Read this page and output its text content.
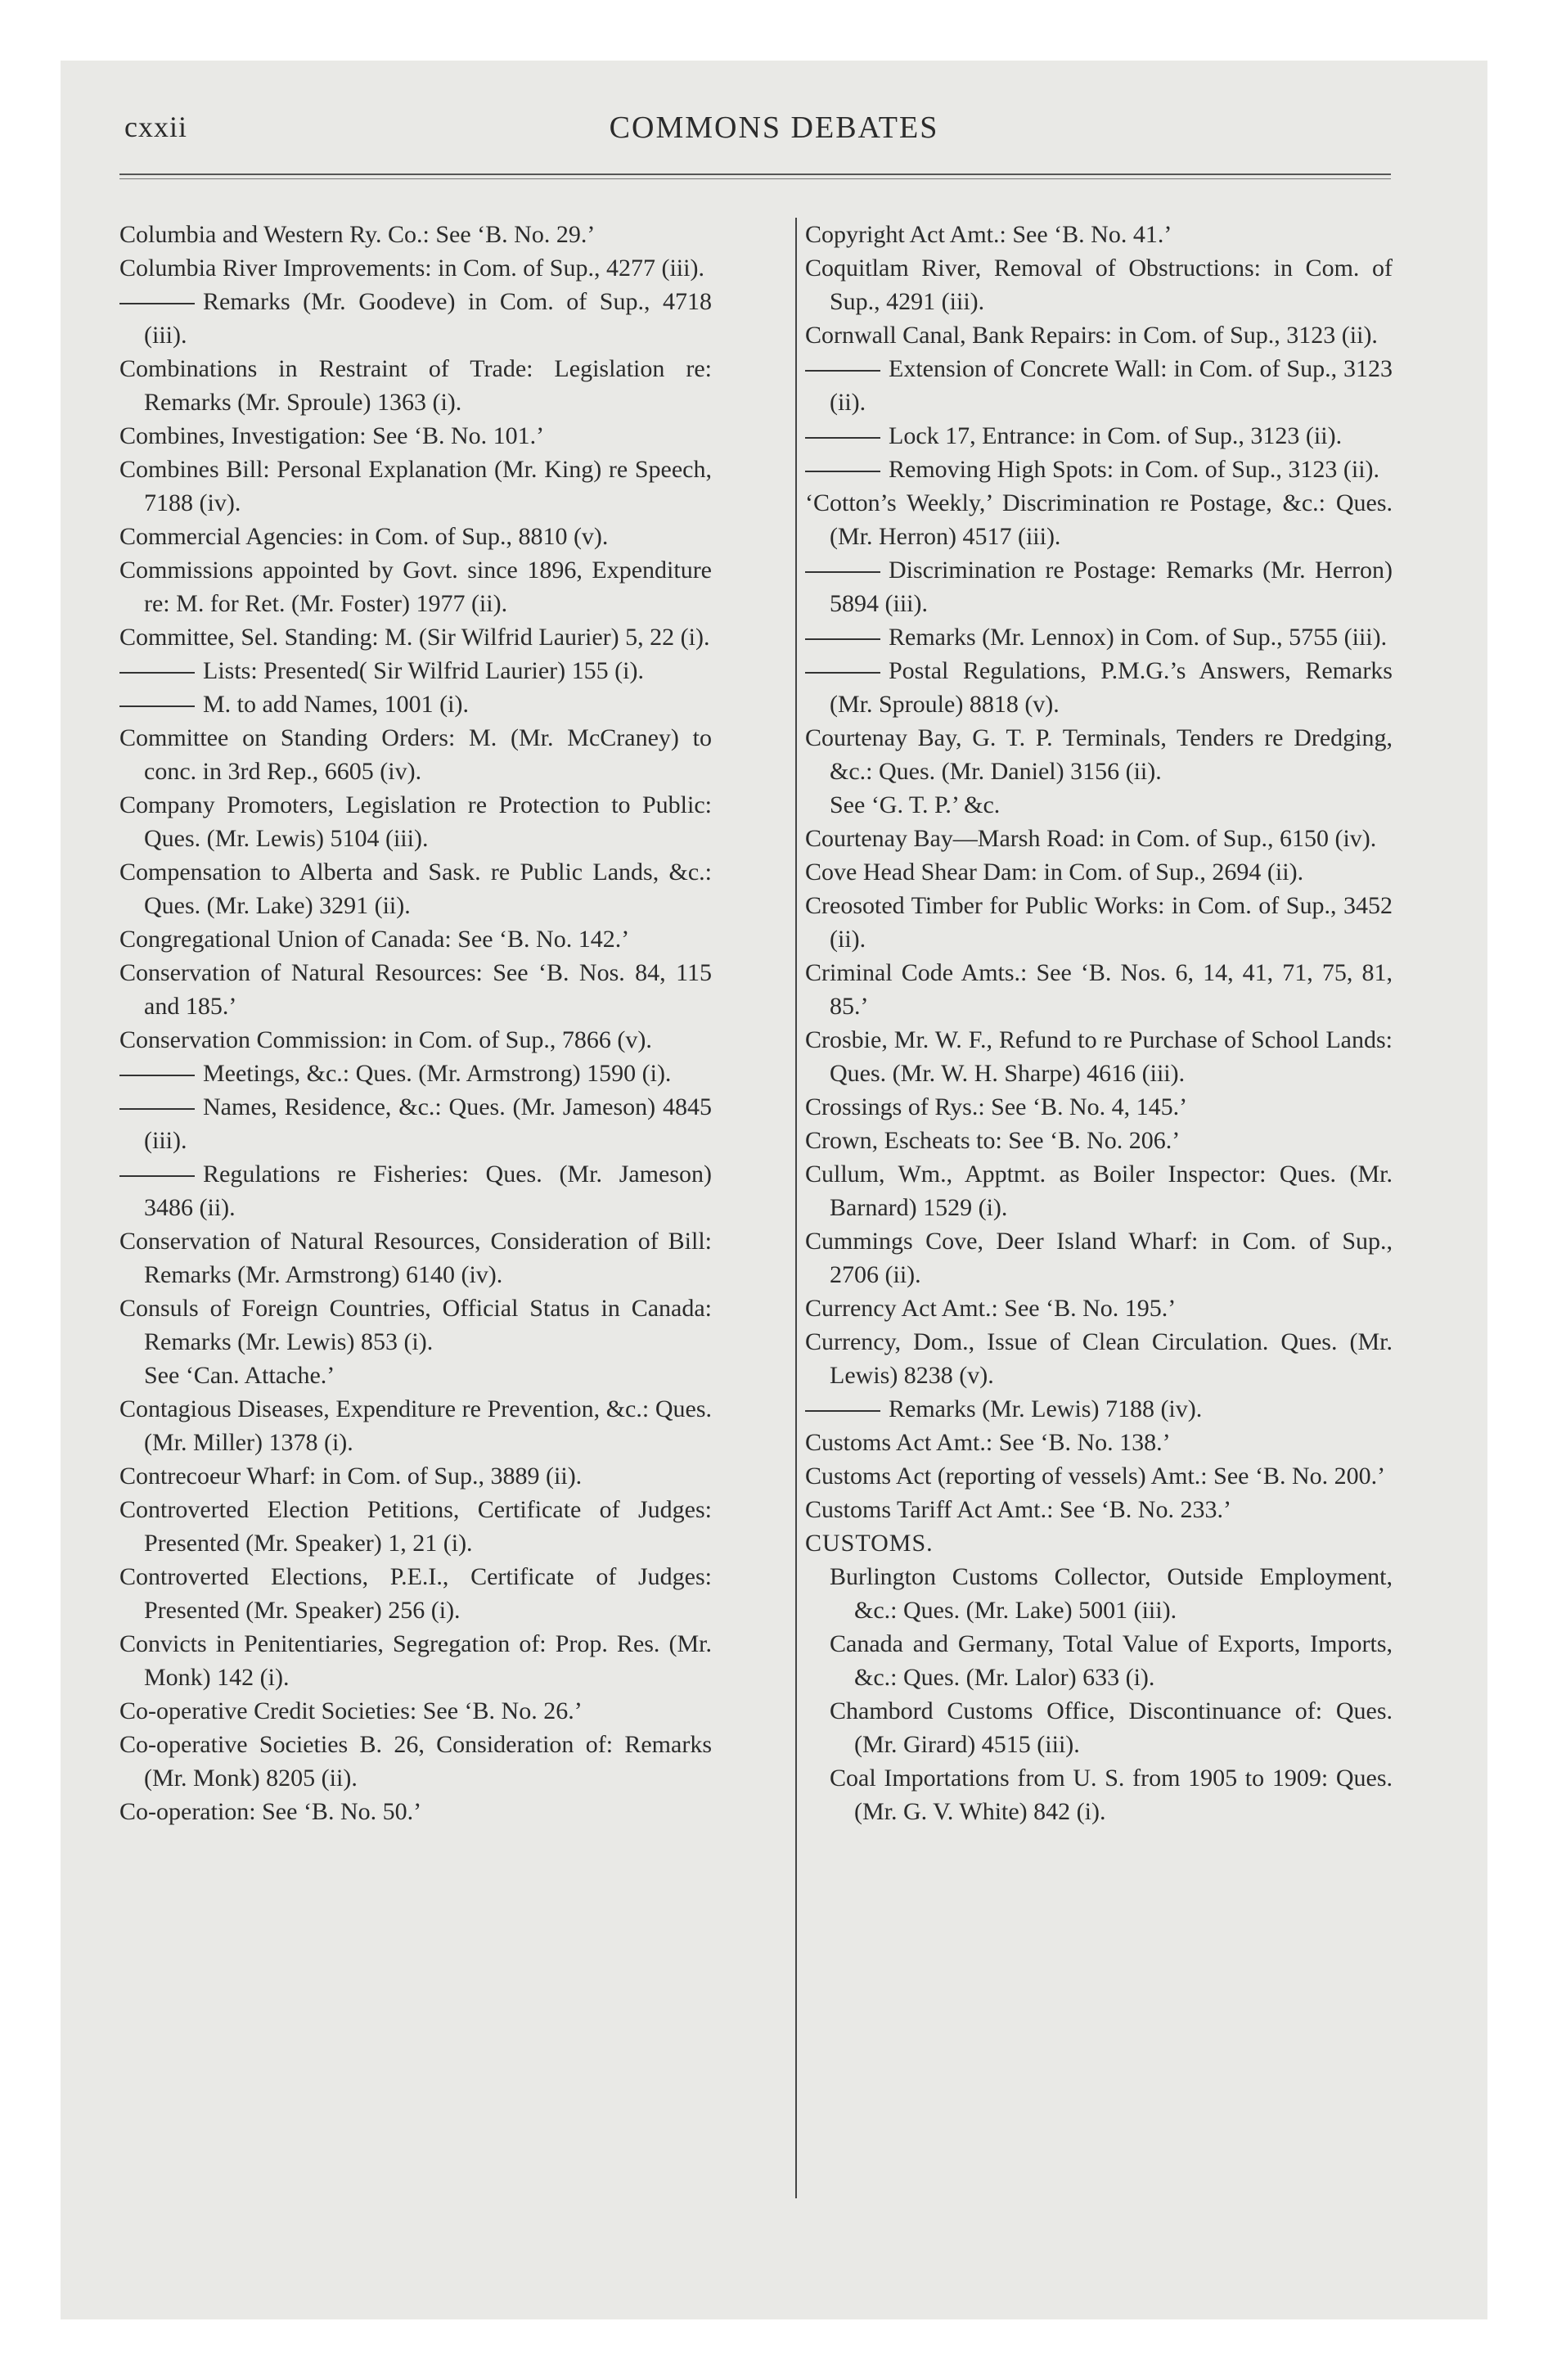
cxxii	COMMONS DEBATES
Columbia and Western Ry. Co.: See ‘B. No. 29.’
Columbia River Improvements: in Com. of Sup., 4277 (iii).
Remarks (Mr. Goodeve) in Com. of Sup., 4718 (iii).
Combinations in Restraint of Trade: Legislation re: Remarks (Mr. Sproule) 1363 (i).
Combines, Investigation: See ‘B. No. 101.’
Combines Bill: Personal Explanation (Mr. King) re Speech, 7188 (iv).
Commercial Agencies: in Com. of Sup., 8810 (v).
Commissions appointed by Govt. since 1896, Expenditure re: M. for Ret. (Mr. Foster) 1977 (ii).
Committee, Sel. Standing: M. (Sir Wilfrid Laurier) 5, 22 (i).
Lists: Presented( Sir Wilfrid Laurier) 155 (i).
M. to add Names, 1001 (i).
Committee on Standing Orders: M. (Mr. McCraney) to conc. in 3rd Rep., 6605 (iv).
Company Promoters, Legislation re Protection to Public: Ques. (Mr. Lewis) 5104 (iii).
Compensation to Alberta and Sask. re Public Lands, &c.: Ques. (Mr. Lake) 3291 (ii).
Congregational Union of Canada: See ‘B. No. 142.’
Conservation of Natural Resources: See ‘B. Nos. 84, 115 and 185.’
Conservation Commission: in Com. of Sup., 7866 (v).
Meetings, &c.: Ques. (Mr. Armstrong) 1590 (i).
Names, Residence, &c.: Ques. (Mr. Jameson) 4845 (iii).
Regulations re Fisheries: Ques. (Mr. Jameson) 3486 (ii).
Conservation of Natural Resources, Consideration of Bill: Remarks (Mr. Armstrong) 6140 (iv).
Consuls of Foreign Countries, Official Status in Canada: Remarks (Mr. Lewis) 853 (i).
See ‘Can. Attache.’
Contagious Diseases, Expenditure re Prevention, &c.: Ques. (Mr. Miller) 1378 (i).
Contrecoeur Wharf: in Com. of Sup., 3889 (ii).
Controverted Election Petitions, Certificate of Judges: Presented (Mr. Speaker) 1, 21 (i).
Controverted Elections, P.E.I., Certificate of Judges: Presented (Mr. Speaker) 256 (i).
Convicts in Penitentiaries, Segregation of: Prop. Res. (Mr. Monk) 142 (i).
Co-operative Credit Societies: See ‘B. No. 26.’
Co-operative Societies B. 26, Consideration of: Remarks (Mr. Monk) 8205 (ii).
Co-operation: See ‘B. No. 50.’
Copyright Act Amt.: See ‘B. No. 41.’
Coquitlam River, Removal of Obstructions: in Com. of Sup., 4291 (iii).
Cornwall Canal, Bank Repairs: in Com. of Sup., 3123 (ii).
Extension of Concrete Wall: in Com. of Sup., 3123 (ii).
Lock 17, Entrance: in Com. of Sup., 3123 (ii).
Removing High Spots: in Com. of Sup., 3123 (ii).
‘Cotton’s Weekly,’ Discrimination re Postage, &c.: Ques. (Mr. Herron) 4517 (iii).
Discrimination re Postage: Remarks (Mr. Herron) 5894 (iii).
Remarks (Mr. Lennox) in Com. of Sup., 5755 (iii).
Postal Regulations, P.M.G.’s Answers, Remarks (Mr. Sproule) 8818 (v).
Courtenay Bay, G. T. P. Terminals, Tenders re Dredging, &c.: Ques. (Mr. Daniel) 3156 (ii).
See ‘G. T. P.’ &c.
Courtenay Bay—Marsh Road: in Com. of Sup., 6150 (iv).
Cove Head Shear Dam: in Com. of Sup., 2694 (ii).
Creosoted Timber for Public Works: in Com. of Sup., 3452 (ii).
Criminal Code Amts.: See ‘B. Nos. 6, 14, 41, 71, 75, 81, 85.’
Crosbie, Mr. W. F., Refund to re Purchase of School Lands: Ques. (Mr. W. H. Sharpe) 4616 (iii).
Crossings of Rys.: See ‘B. No. 4, 145.’
Crown, Escheats to: See ‘B. No. 206.’
Cullum, Wm., Apptmt. as Boiler Inspector: Ques. (Mr. Barnard) 1529 (i).
Cummings Cove, Deer Island Wharf: in Com. of Sup., 2706 (ii).
Currency Act Amt.: See ‘B. No. 195.’
Currency, Dom., Issue of Clean Circulation. Ques. (Mr. Lewis) 8238 (v).
Remarks (Mr. Lewis) 7188 (iv).
Customs Act Amt.: See ‘B. No. 138.’
Customs Act (reporting of vessels) Amt.: See ‘B. No. 200.’
Customs Tariff Act Amt.: See ‘B. No. 233.’
CUSTOMS.
Burlington Customs Collector, Outside Employment, &c.: Ques. (Mr. Lake) 5001 (iii).
Canada and Germany, Total Value of Exports, Imports, &c.: Ques. (Mr. Lalor) 633 (i).
Chambord Customs Office, Discontinuance of: Ques. (Mr. Girard) 4515 (iii).
Coal Importations from U. S. from 1905 to 1909: Ques. (Mr. G. V. White) 842 (i).
